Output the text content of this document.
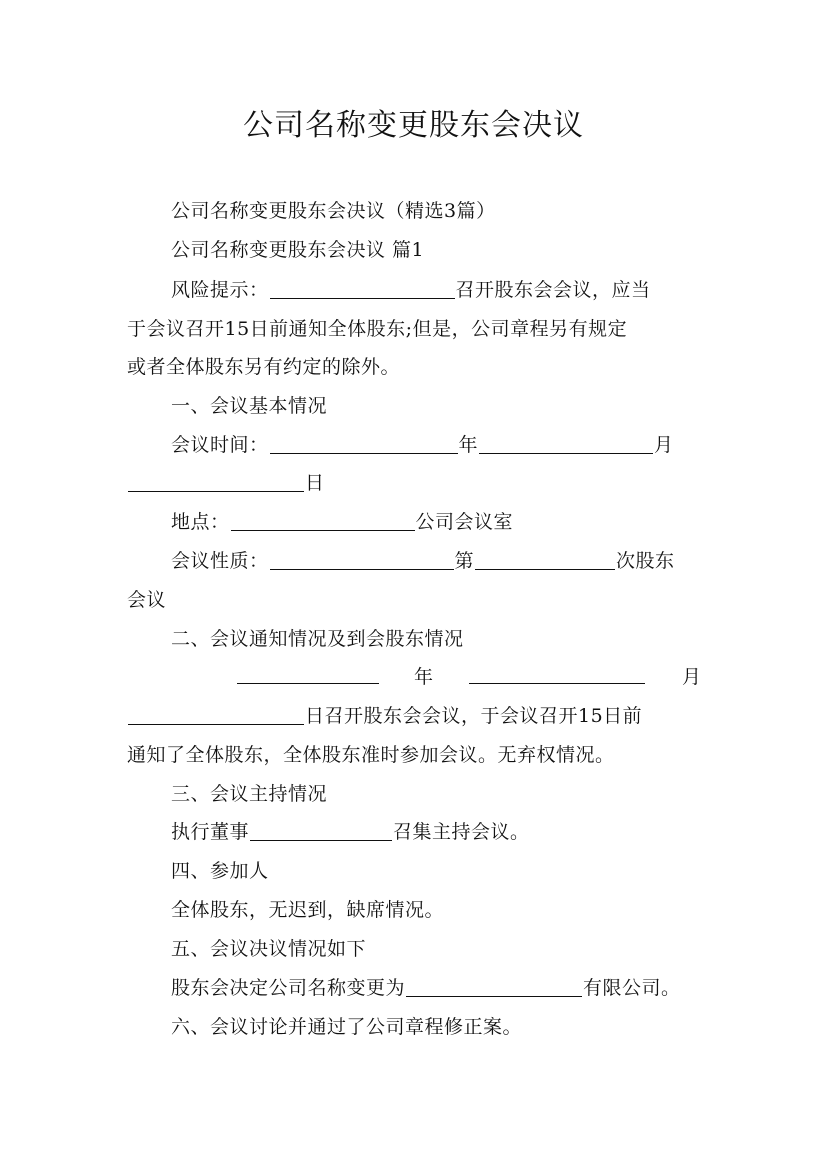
公司名称变更股东会决议
公司名称变更股东会决议（精选3篇）
公司名称变更股东会决议 篇1
风险提示：	召开股东会会议，应当
于会议召开15日前通知全体股东;但是，公司章程另有规定
或者全体股东另有约定的除外。
一、会议基本情况
会议时间：	年	月
日
地点：	公司会议室
会议性质：	第	次股东
会议
二、会议通知情况及到会股东情况
年	月
日召开股东会会议，于会议召开15日前
通知了全体股东，全体股东准时参加会议。无弃权情况。
三、会议主持情况
执行董事	召集主持会议。
四、参加人
全体股东，无迟到，缺席情况。
五、会议决议情况如下
股东会决定公司名称变更为	有限公司。
六、会议讨论并通过了公司章程修正案。
